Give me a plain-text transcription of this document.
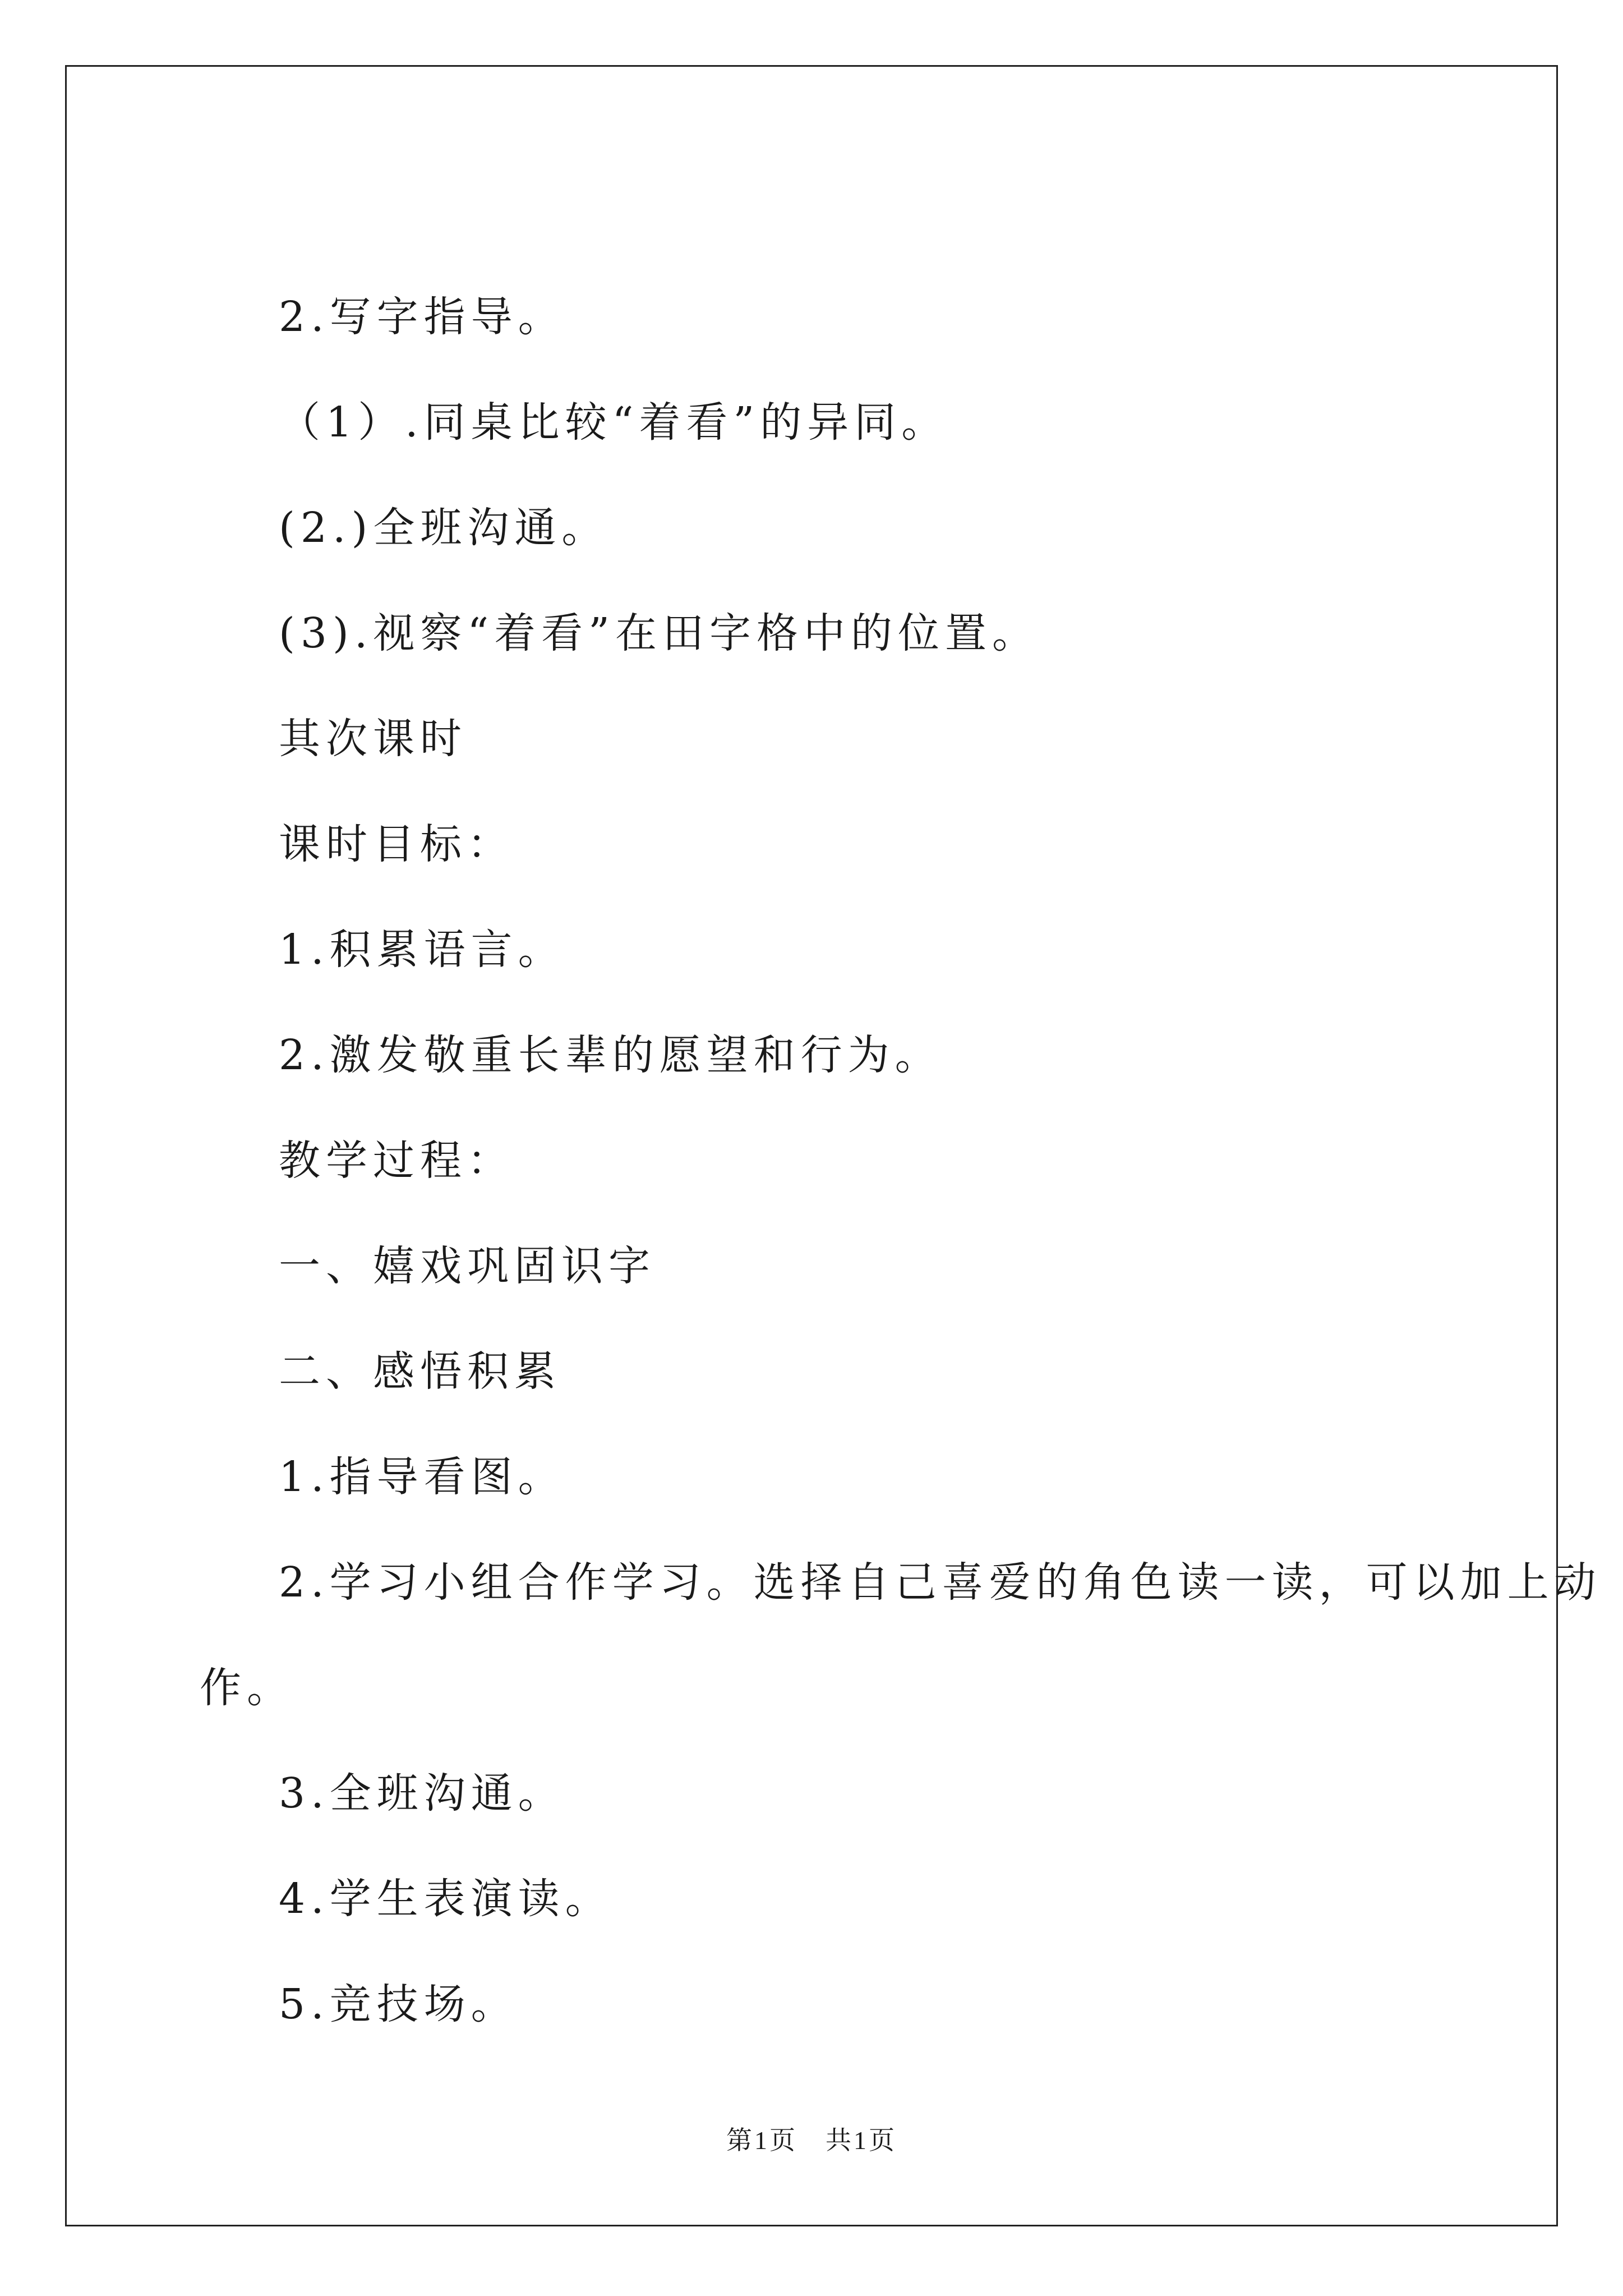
2.写字指导。

（1）.同桌比较“着看”的异同。

(2.)全班沟通。

(3).视察“着看”在田字格中的位置。

其次课时

课时目标：

1.积累语言。

2.激发敬重长辈的愿望和行为。

教学过程：

一、嬉戏巩固识字

二、感悟积累

1.指导看图。

2.学习小组合作学习。选择自己喜爱的角色读一读，可以加上动

作。

3.全班沟通。

4.学生表演读。

5.竞技场。

第1页　共1页
